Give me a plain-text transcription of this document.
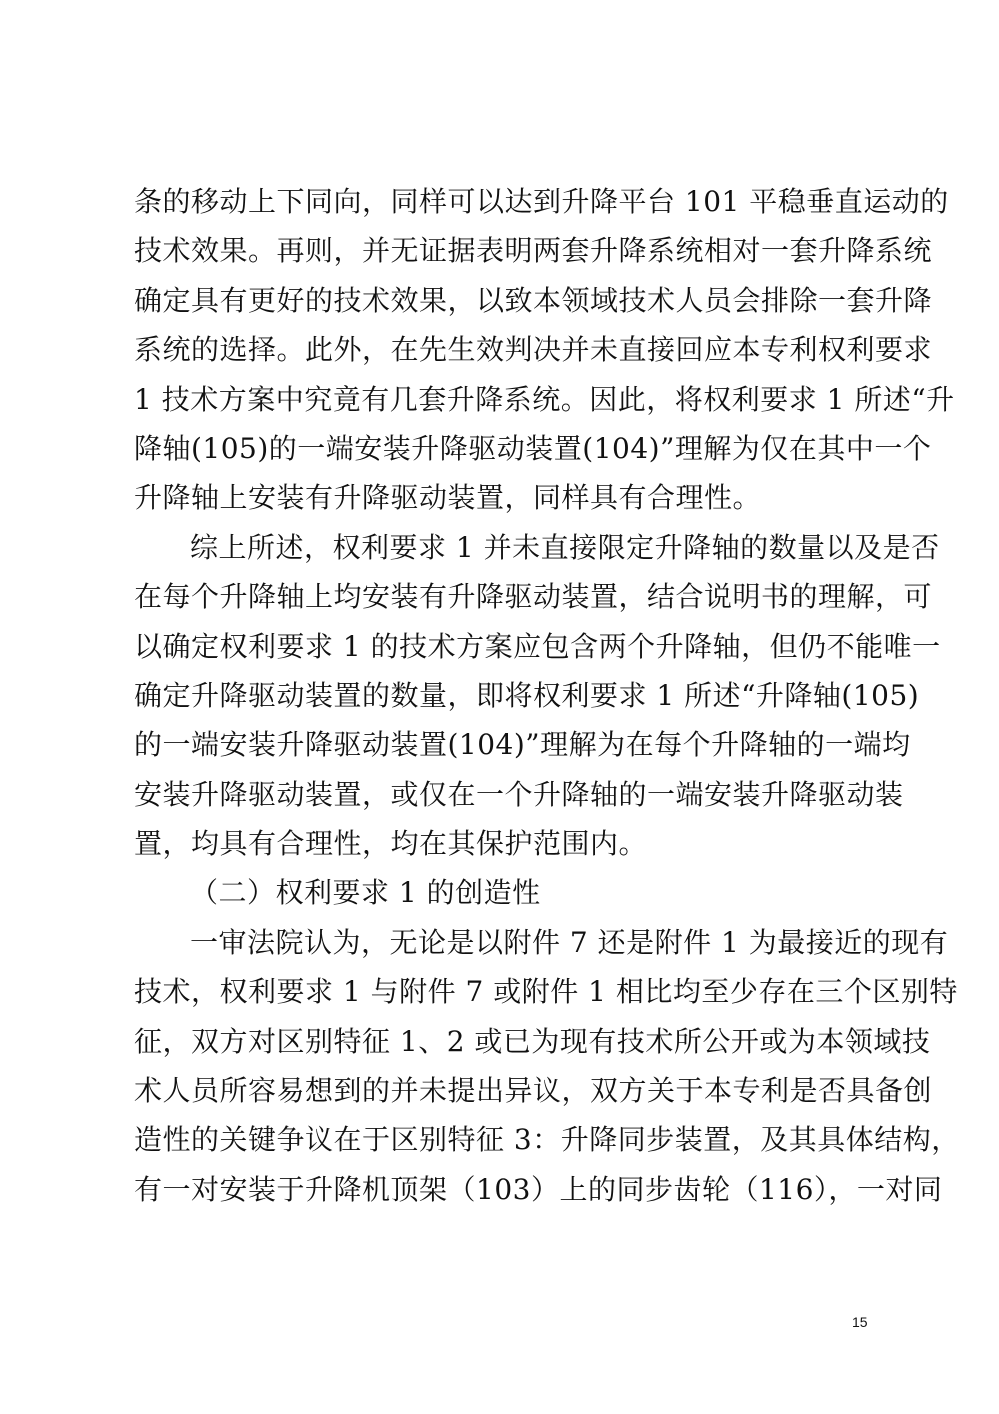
条的移动上下同向，同样可以达到升降平台 101 平稳垂直运动的
技术效果。再则，并无证据表明两套升降系统相对一套升降系统
确定具有更好的技术效果，以致本领域技术人员会排除一套升降
系统的选择。此外，在先生效判决并未直接回应本专利权利要求
1 技术方案中究竟有几套升降系统。因此，将权利要求 1 所述“升
降轴(105)的一端安装升降驱动装置(104)”理解为仅在其中一个
升降轴上安装有升降驱动装置，同样具有合理性。
综上所述，权利要求 1 并未直接限定升降轴的数量以及是否
在每个升降轴上均安装有升降驱动装置，结合说明书的理解，可
以确定权利要求 1 的技术方案应包含两个升降轴，但仍不能唯一
确定升降驱动装置的数量，即将权利要求 1 所述“升降轴(105)
的一端安装升降驱动装置(104)”理解为在每个升降轴的一端均
安装升降驱动装置，或仅在一个升降轴的一端安装升降驱动装
置，均具有合理性，均在其保护范围内。
（二）权利要求 1 的创造性
一审法院认为，无论是以附件 7 还是附件 1 为最接近的现有
技术，权利要求 1 与附件 7 或附件 1 相比均至少存在三个区别特
征，双方对区别特征 1、2 或已为现有技术所公开或为本领域技
术人员所容易想到的并未提出异议，双方关于本专利是否具备创
造性的关键争议在于区别特征 3：升降同步装置，及其具体结构，
有一对安装于升降机顶架（103）上的同步齿轮（116），一对同
15
